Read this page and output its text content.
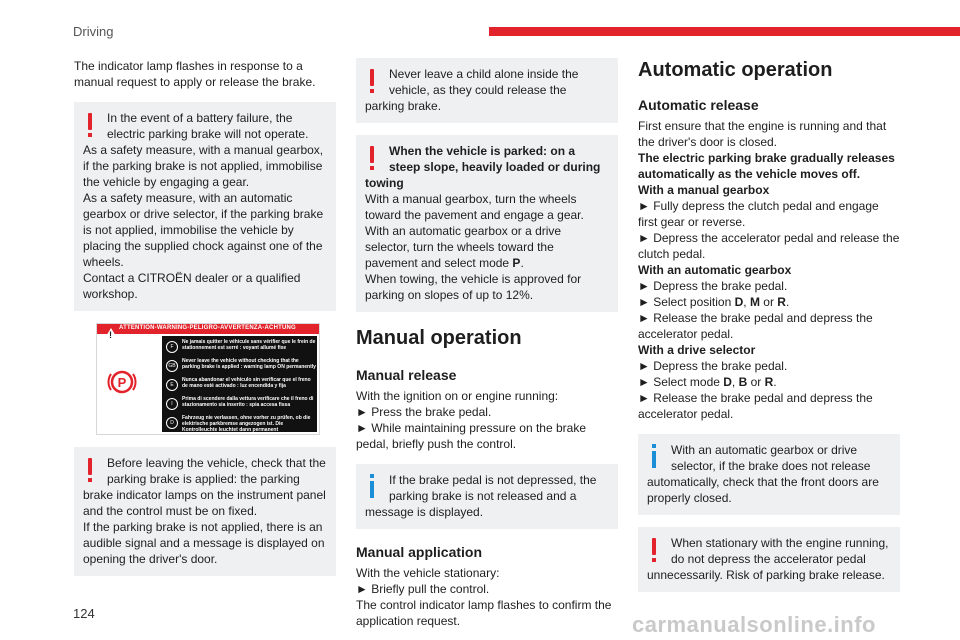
Driving

The indicator lamp flashes in response to a manual request to apply or release the brake.

In the event of a battery failure, the electric parking brake will not operate.

As a safety measure, with a manual gearbox, if the parking brake is not applied, immobilise the vehicle by engaging a gear.

As a safety measure, with an automatic gearbox or drive selector, if the parking brake is not applied, immobilise the vehicle by placing the supplied chock against one of the wheels.

Contact a CITROËN dealer or a qualified workshop.

ATTENTION-WARNING-PELIGRO-AVVERTENZA-ACHTUNG
!
P
F
Ne jamais quitter le véhicule sans vérifier que le frein de stationnement est serré : voyant allumé fixe
GB
Never leave the vehicle without checking that the parking brake is applied : warning lamp ON permanently
E
Nunca abandonar el vehículo sin verificar que el freno de mano esté activado : luz encendida y fija
I
Prima di scendere dalla vettura verificare che il freno di stazionamento sia inserito : spia accesa fissa
D
Fahrzeug nie verlassen, ohne vorher zu prüfen, ob die elektrische parkbremse angezogen ist. Die Kontrolleuchte leuchtet dann permanent

Before leaving the vehicle, check that the parking brake is applied: the parking brake indicator lamps on the instrument panel and the control must be on fixed.

If the parking brake is not applied, there is an audible signal and a message is displayed on opening the driver's door.

Never leave a child alone inside the vehicle, as they could release the parking brake.

When the vehicle is parked: on a steep slope, heavily loaded or during towing

With a manual gearbox, turn the wheels toward the pavement and engage a gear.

With an automatic gearbox or a drive selector, turn the wheels toward the pavement and select mode P.

When towing, the vehicle is approved for parking on slopes of up to 12%.

Manual operation
Manual release

With the ignition on or engine running:

► Press the brake pedal.

► While maintaining pressure on the brake pedal, briefly push the control.

If the brake pedal is not depressed, the parking brake is not released and a message is displayed.

Manual application

With the vehicle stationary:

► Briefly pull the control.

The control indicator lamp flashes to confirm the application request.

Automatic operation
Automatic release

First ensure that the engine is running and that the driver's door is closed.

The electric parking brake gradually releases automatically as the vehicle moves off.

With a manual gearbox

► Fully depress the clutch pedal and engage first gear or reverse.

► Depress the accelerator pedal and release the clutch pedal.

With an automatic gearbox

► Depress the brake pedal.

► Select position D, M or R.

► Release the brake pedal and depress the accelerator pedal.

With a drive selector

► Depress the brake pedal.

► Select mode D, B or R.

► Release the brake pedal and depress the accelerator pedal.

With an automatic gearbox or drive selector, if the brake does not release automatically, check that the front doors are properly closed.

When stationary with the engine running, do not depress the accelerator pedal unnecessarily. Risk of parking brake release.

124	carmanualsonline.info
